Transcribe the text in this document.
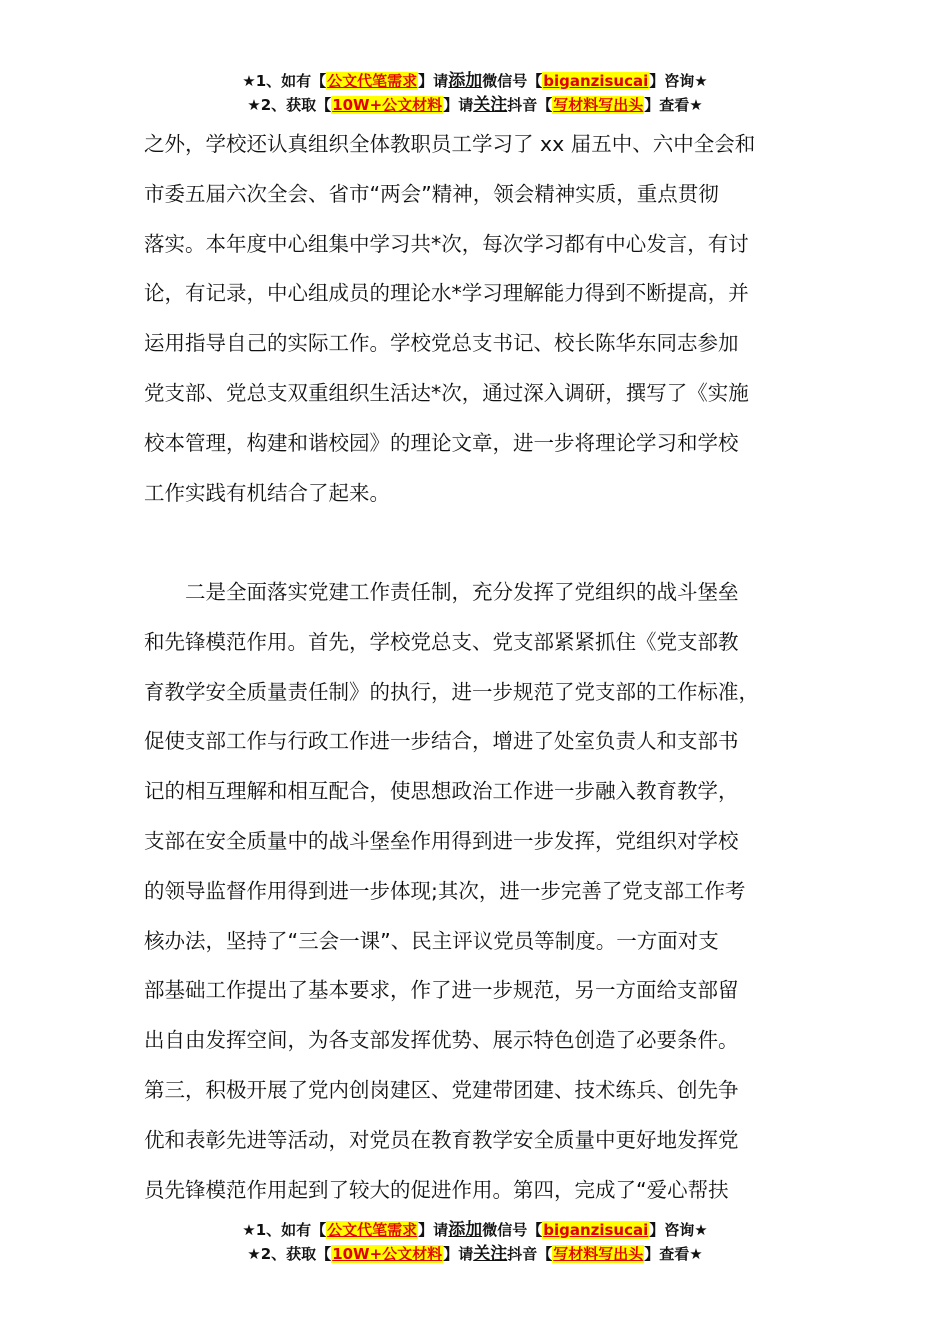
★1、如有【公文代笔需求】请添加微信号【biganzisucai】咨询★
★2、获取【10W+公文材料】请关注抖音【写材料写出头】查看★
之外，学校还认真组织全体教职员工学习了 xx 届五中、六中全会和
市委五届六次全会、省市“两会”精神，领会精神实质，重点贯彻
落实。本年度中心组集中学习共*次，每次学习都有中心发言，有讨
论，有记录，中心组成员的理论水*学习理解能力得到不断提高，并
运用指导自己的实际工作。学校党总支书记、校长陈华东同志参加
党支部、党总支双重组织生活达*次，通过深入调研，撰写了《实施
校本管理，构建和谐校园》的理论文章，进一步将理论学习和学校
工作实践有机结合了起来。
　　二是全面落实党建工作责任制，充分发挥了党组织的战斗堡垒
和先锋模范作用。首先，学校党总支、党支部紧紧抓住《党支部教
育教学安全质量责任制》的执行，进一步规范了党支部的工作标准，
促使支部工作与行政工作进一步结合，增进了处室负责人和支部书
记的相互理解和相互配合，使思想政治工作进一步融入教育教学，
支部在安全质量中的战斗堡垒作用得到进一步发挥，党组织对学校
的领导监督作用得到进一步体现;其次，进一步完善了党支部工作考
核办法，坚持了“三会一课”、民主评议党员等制度。一方面对支
部基础工作提出了基本要求，作了进一步规范，另一方面给支部留
出自由发挥空间，为各支部发挥优势、展示特色创造了必要条件。
第三，积极开展了党内创岗建区、党建带团建、技术练兵、创先争
优和表彰先进等活动，对党员在教育教学安全质量中更好地发挥党
员先锋模范作用起到了较大的促进作用。第四，完成了“爱心帮扶
★1、如有【公文代笔需求】请添加微信号【biganzisucai】咨询★
★2、获取【10W+公文材料】请关注抖音【写材料写出头】查看★
